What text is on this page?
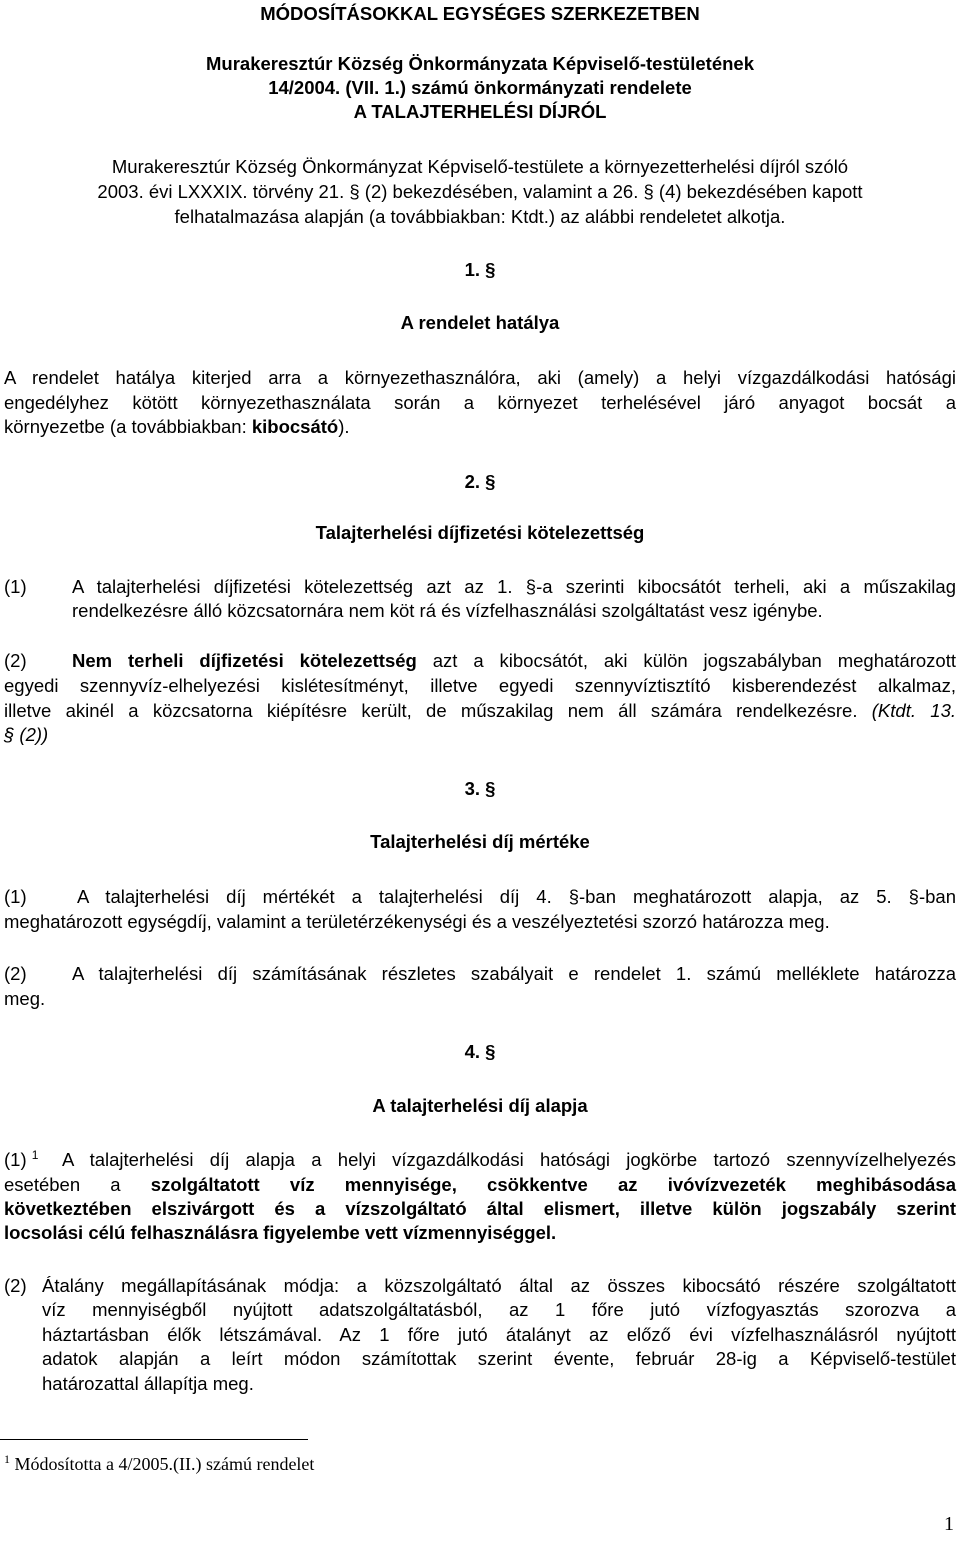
MÓDOSÍTÁSOKKAL EGYSÉGES SZERKEZETBEN
Murakeresztúr Község Önkormányzata Képviselő-testületének
14/2004. (VII. 1.) számú önkormányzati rendelete
A TALAJTERHELÉSI DÍJRÓL
Murakeresztúr Község Önkormányzat Képviselő-testülete a környezetterhelési díjról szóló
2003. évi LXXXIX. törvény 21. § (2) bekezdésében, valamint a 26. § (4) bekezdésében kapott
felhatalmazása alapján (a továbbiakban: Ktdt.) az alábbi rendeletet alkotja.
1. §
A rendelet hatálya
A rendelet hatálya kiterjed arra a környezethasználóra, aki (amely) a helyi vízgazdálkodási hatósági
engedélyhez kötött környezethasználata során a környezet terhelésével járó anyagot bocsát a
környezetbe (a továbbiakban: kibocsátó).
2. §
Talajterhelési díjfizetési kötelezettség
(1) A talajterhelési díjfizetési kötelezettség azt az 1. §-a szerinti kibocsátót terheli, aki a műszakilag
rendelkezésre álló közcsatornára nem köt rá és vízfelhasználási szolgáltatást vesz igénybe.
(2) Nem terheli díjfizetési kötelezettség azt a kibocsátót, aki külön jogszabályban meghatározott
egyedi szennyvíz-elhelyezési kislétesítményt, illetve egyedi szennyvíztisztító kisberendezést alkalmaz,
illetve akinél a közcsatorna kiépítésre került, de műszakilag nem áll számára rendelkezésre. (Ktdt. 13.
§ (2))
3. §
Talajterhelési díj mértéke
(1)	A talajterhelési díj mértékét a talajterhelési díj 4. §-ban meghatározott alapja, az 5. §-ban
meghatározott egységdíj, valamint a területérzékenységi és a veszélyeztetési szorzó határozza meg.
(2) A talajterhelési díj számításának részletes szabályait e rendelet 1. számú melléklete határozza
meg.
4. §
A talajterhelési díj alapja
(1) $^1$ A talajterhelési díj alapja a helyi vízgazdálkodási hatósági jogkörbe tartozó szennyvízelhelyezés
esetében a szolgáltatott víz mennyisége, csökkentve az ivóvízvezeték meghibásodása
következtében elszivárgott és a vízszolgáltató által elismert, illetve külön jogszabály szerint
locsolási célú felhasználásra figyelembe vett vízmennyiséggel.
(2) Átalány megállapításának módja: a közszolgáltató által az összes kibocsátó részére szolgáltatott
víz mennyiségből nyújtott adatszolgáltatásból, az 1 főre jutó vízfogyasztás szorozva a
háztartásban élők létszámával. Az 1 főre jutó átalányt az előző évi vízfelhasználásról nyújtott
adatok alapján a leírt módon számítottak szerint évente, február 28-ig a Képviselő-testület
határozattal állapítja meg.
$^1$ Módosította a 4/2005.(II.) számú rendelet
1
